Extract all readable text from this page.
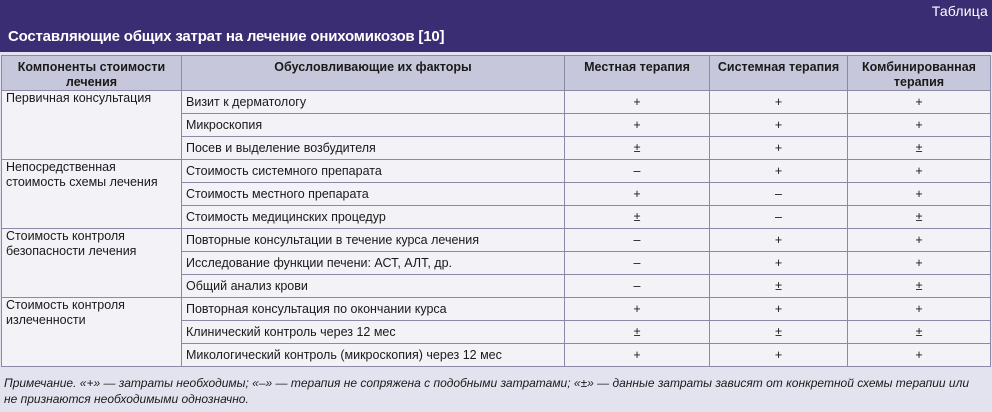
Таблица
Составляющие общих затрат на лечение онихомикозов [10]
Компоненты стоимости лечения	Обусловливающие их факторы	Местная терапия	Системная терапия	Комбинированная терапия
Первичная консультация	Визит к дерматологу	+	+	+
	Микроскопия	+	+	+
	Посев и выделение возбудителя	±	+	±
Непосредственная стоимость схемы лечения	Стоимость системного препарата	–	+	+
	Стоимость местного препарата	+	–	+
	Стоимость медицинских процедур	±	–	±
Стоимость контроля безопасности лечения	Повторные консультации в течение курса лечения	–	+	+
	Исследование функции печени: АСТ, АЛТ, др.	–	+	+
	Общий анализ крови	–	±	±
Стоимость контроля излеченности	Повторная консультация по окончании курса	+	+	+
	Клинический контроль через 12 мес	±	±	±
	Микологический контроль (микроскопия) через 12 мес	+	+	+
Примечание. «+» — затраты необходимы; «–» — терапия не сопряжена с подобными затратами; «±» — данные затраты зависят от конкретной схемы терапии или не признаются необходимыми однозначно.
